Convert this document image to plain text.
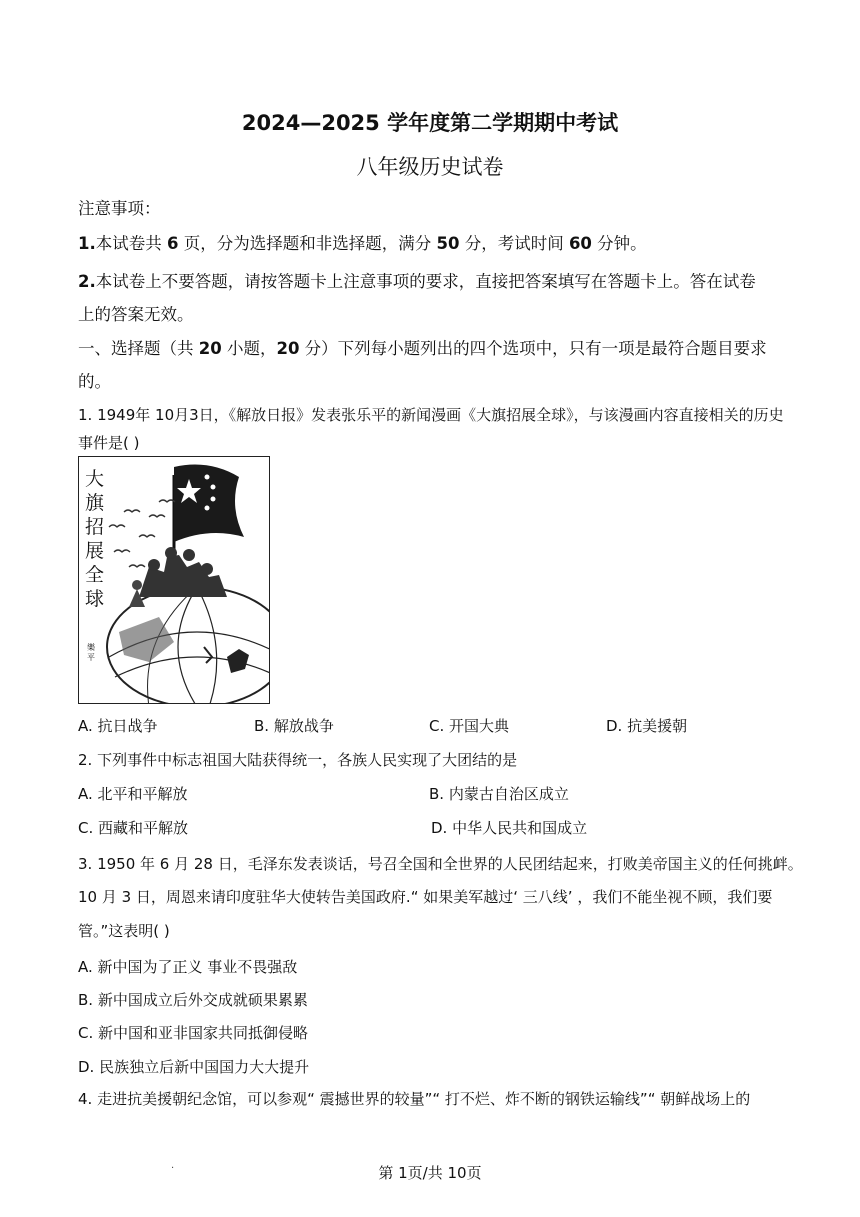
2024—2025 学年度第二学期期中考试
八年级历史试卷
注意事项：
1.本试卷共 6 页，分为选择题和非选择题，满分 50 分，考试时间 60 分钟。
2.本试卷上不要答题，请按答题卡上注意事项的要求，直接把答案填写在答题卡上。答在试卷
上的答案无效。
一、选择题（共 20 小题，20 分）下列每小题列出的四个选项中，只有一项是最符合题目要求
的。
1. 1949年 10月3日，《解放日报》发表张乐平的新闻漫画《大旗招展全球》，与该漫画内容直接相关的历史
事件是( )
大旗招展全球
樂平
A. 抗日战争	B. 解放战争	C. 开国大典	D. 抗美援朝
2. 下列事件中标志祖国大陆获得统一，各族人民实现了大团结的是
A. 北平和平解放	B. 内蒙古自治区成立
C. 西藏和平解放	D. 中华人民共和国成立
3. 1950 年 6 月 28 日，毛泽东发表谈话，号召全国和全世界的人民团结起来，打败美帝国主义的任何挑衅。
10 月 3 日，周恩来请印度驻华大使转告美国政府.“ 如果美军越过‘ 三八线’ ，我们不能坐视不顾，我们要
管。”这表明( )
A. 新中国为了正义 事业不畏强敌
B. 新中国成立后外交成就硕果累累
C. 新中国和亚非国家共同抵御侵略
D. 民族独立后新中国国力大大提升
4. 走进抗美援朝纪念馆，可以参观“ 震撼世界的较量”“ 打不烂、炸不断的钢铁运输线”“ 朝鲜战场上的
.	第 1页/共 10页
